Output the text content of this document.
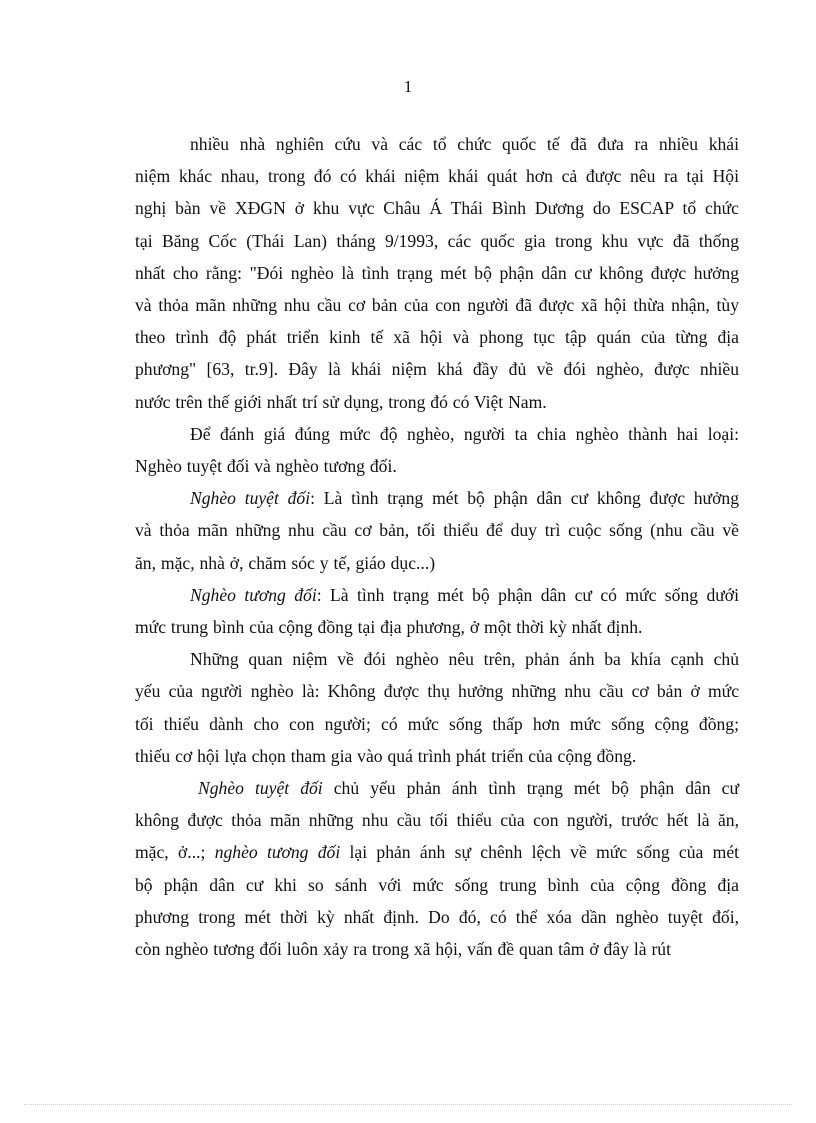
1

nhiều nhà nghiên cứu và các tổ chức quốc tế đã đưa ra nhiều khái
niệm khác nhau, trong đó có khái niệm khái quát hơn cả được nêu ra tại Hội
nghị bàn về XĐGN ở khu vực Châu Á Thái Bình Dương do ESCAP tổ chức
tại Băng Cốc (Thái Lan) tháng 9/1993, các quốc gia trong khu vực đã thống
nhất cho rằng: "Đói nghèo là tình trạng mét bộ phận dân cư không được hưởng
và thỏa mãn những nhu cầu cơ bản của con người đã được xã hội thừa nhận, tùy
theo trình độ phát triển kinh tế xã hội và phong tục tập quán của từng địa
phương" [63, tr.9]. Đây là khái niệm khá đầy đủ về đói nghèo, được nhiều
nước trên thế giới nhất trí sử dụng, trong đó có Việt Nam.

Để đánh giá đúng mức độ nghèo, người ta chia nghèo thành hai loại:
Nghèo tuyệt đối và nghèo tương đối.

Nghèo tuyệt đối: Là tình trạng mét bộ phận dân cư không được hưởng
và thỏa mãn những nhu cầu cơ bản, tối thiểu để duy trì cuộc sống (nhu cầu về
ăn, mặc, nhà ở, chăm sóc y tế, giáo dục...)

Nghèo tương đối: Là tình trạng mét bộ phận dân cư có mức sống dưới
mức trung bình của cộng đồng tại địa phương, ở một thời kỳ nhất định.

Những quan niệm về đói nghèo nêu trên, phản ánh ba khía cạnh chủ
yếu của người nghèo là: Không được thụ hưởng những nhu cầu cơ bản ở mức
tối thiểu dành cho con người; có mức sống thấp hơn mức sống cộng đồng;
thiếu cơ hội lựa chọn tham gia vào quá trình phát triển của cộng đồng.

Nghèo tuyệt đối chủ yếu phản ánh tình trạng mét bộ phận dân cư
không được thỏa mãn những nhu cầu tối thiểu của con người, trước hết là ăn,
mặc, ở...; nghèo tương đối lại phản ánh sự chênh lệch về mức sống của mét
bộ phận dân cư khi so sánh với mức sống trung bình của cộng đồng địa
phương trong mét thời kỳ nhất định. Do đó, có thể xóa dần nghèo tuyệt đối,
còn nghèo tương đối luôn xảy ra trong xã hội, vấn đề quan tâm ở đây là rút
